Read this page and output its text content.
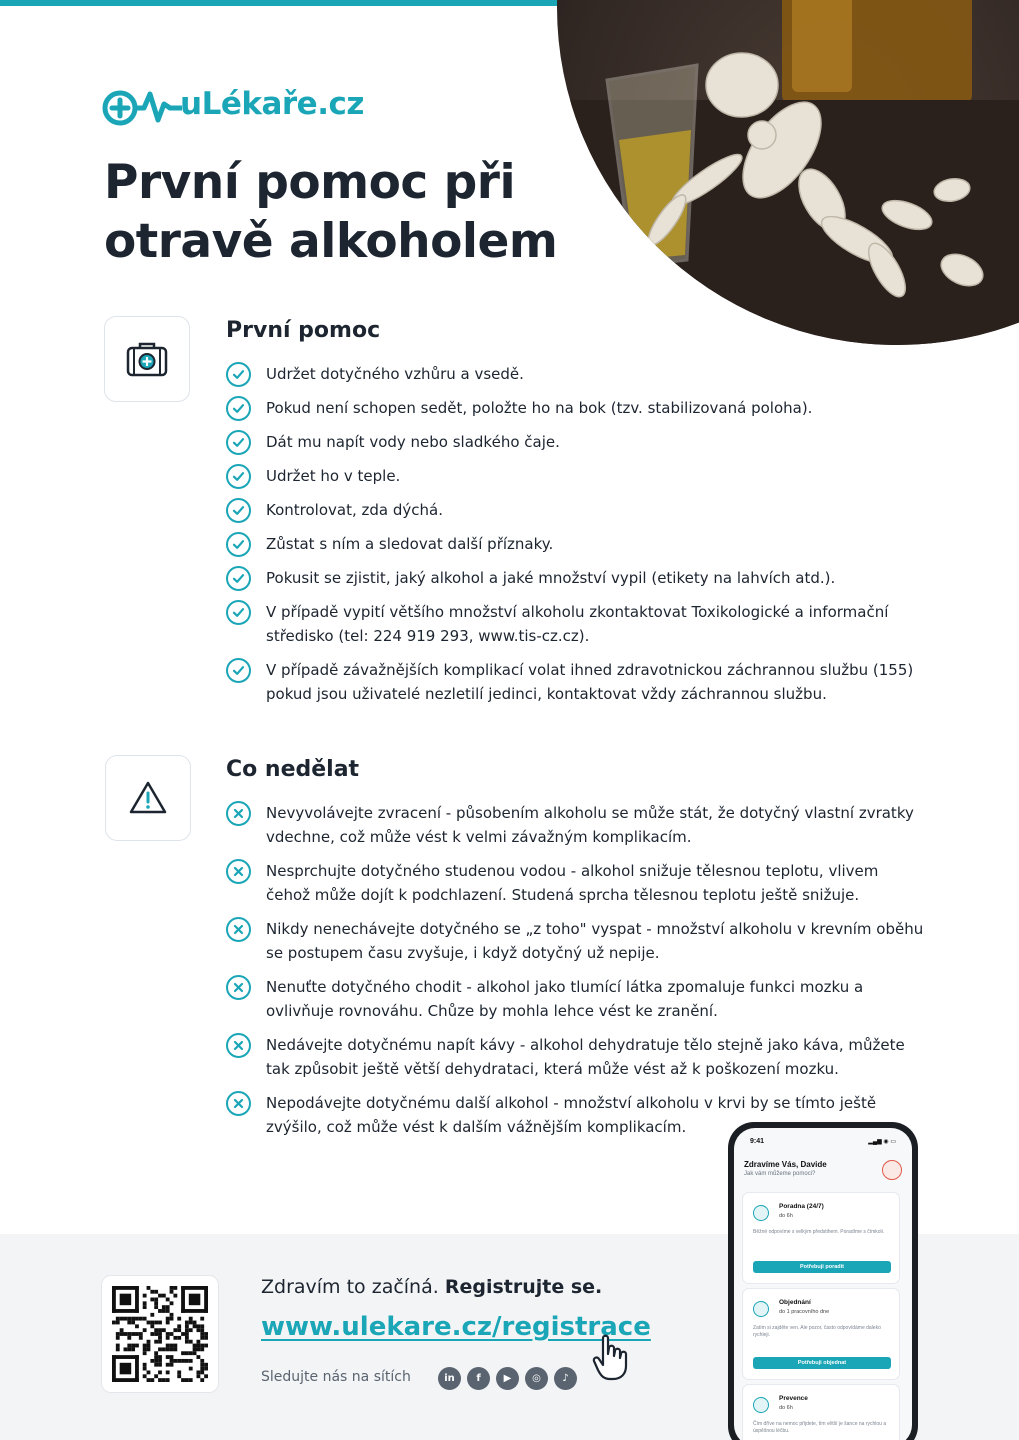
uLékaře.cz
První pomoc při otravě alkoholem
První pomoc
Udržet dotyčného vzhůru a vsedě.
Pokud není schopen sedět, položte ho na bok (tzv. stabilizovaná poloha).
Dát mu napít vody nebo sladkého čaje.
Udržet ho v teple.
Kontrolovat, zda dýchá.
Zůstat s ním a sledovat další příznaky.
Pokusit se zjistit, jaký alkohol a jaké množství vypil (etikety na lahvích atd.).
V případě vypití většího množství alkoholu zkontaktovat Toxikologické a informační středisko (tel: 224 919 293, www.tis-cz.cz).
V případě závažnějších komplikací volat ihned zdravotnickou záchrannou službu (155) pokud jsou uživatelé nezletilí jedinci, kontaktovat vždy záchrannou službu.
Co nedělat
Nevyvolávejte zvracení - působením alkoholu se může stát, že dotyčný vlastní zvratky vdechne, což může vést k velmi závažným komplikacím.
Nesprchujte dotyčného studenou vodou - alkohol snižuje tělesnou teplotu, vlivem čehož může dojít k podchlazení. Studená sprcha tělesnou teplotu ještě snižuje.
Nikdy nenechávejte dotyčného se „z toho" vyspat - množství alkoholu v krevním oběhu se postupem času zvyšuje, i když dotyčný už nepije.
Nenuťte dotyčného chodit - alkohol jako tlumící látka zpomaluje funkci mozku a ovlivňuje rovnováhu. Chůze by mohla lehce vést ke zranění.
Nedávejte dotyčnému napít kávy - alkohol dehydratuje tělo stejně jako káva, můžete tak způsobit ještě větší dehydrataci, která může vést až k poškození mozku.
Nepodávejte dotyčnému další alkohol - množství alkoholu v krvi by se tímto ještě zvýšilo, což může vést k dalším vážnějším komplikacím.
Zdravím to začíná. Registrujte se.
www.ulekare.cz/registrace
Sledujte nás na sítích	in	f	▶	◎	♪
9:41	▂▄▆ ◉ ▭
Zdravíme Vás, Davide
Jak vám můžeme pomoci?
Poradna (24/7)
do 6h
Běžné odpovíme s velkým předstihem. Poradíme s čímkoli.
Potřebuji poradit
Objednání
do 1 pracovního dne
Zatím si zajděte ven. Ale pozor, často odpovídáme daleko rychleji.
Potřebuji objednat
Prevence
do 6h
Čím dříve na nemoc přijdete, tím větší je šance na rychlou a úspěšnou léčbu.
